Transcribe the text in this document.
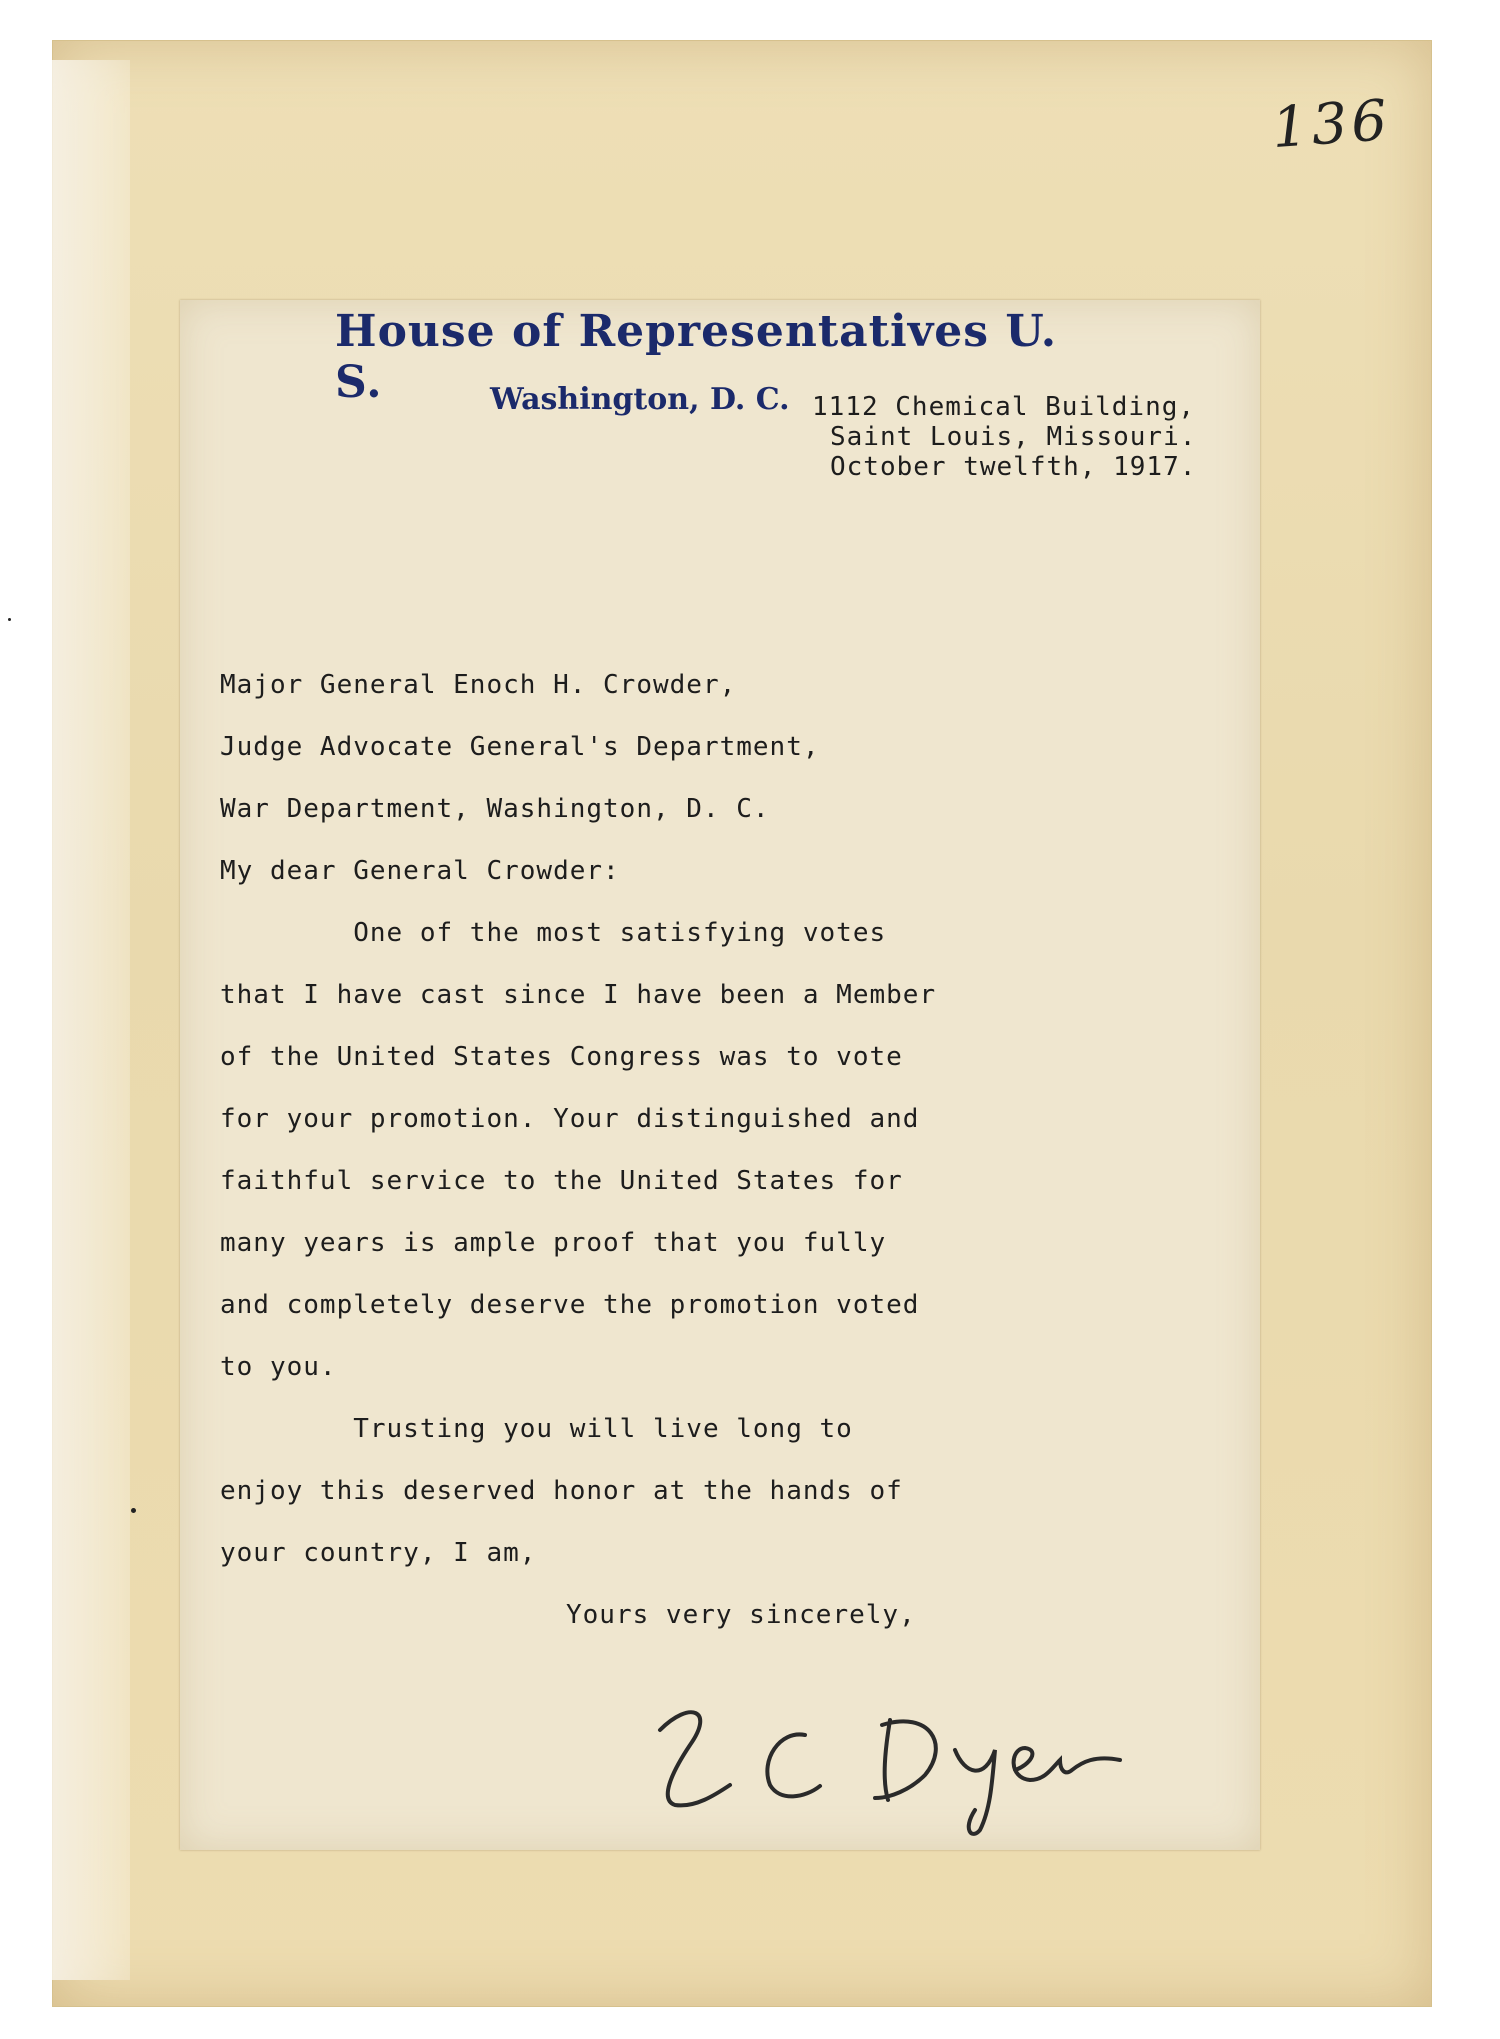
136
House of Representatives U. S.	Washington, D. C. 1112 Chemical Building,
Saint Louis, Missouri.
October twelfth, 1917.
Major General Enoch H. Crowder,
Judge Advocate General's Department,
War Department, Washington, D. C.
My dear General Crowder:
One of the most satisfying votes
that I have cast since I have been a Member
of the United States Congress was to vote
for your promotion. Your distinguished and
faithful service to the United States for
many years is ample proof that you fully
and completely deserve the promotion voted
to you.
Trusting you will live long to
enjoy this deserved honor at the hands of
your country, I am,
Yours very sincerely,
